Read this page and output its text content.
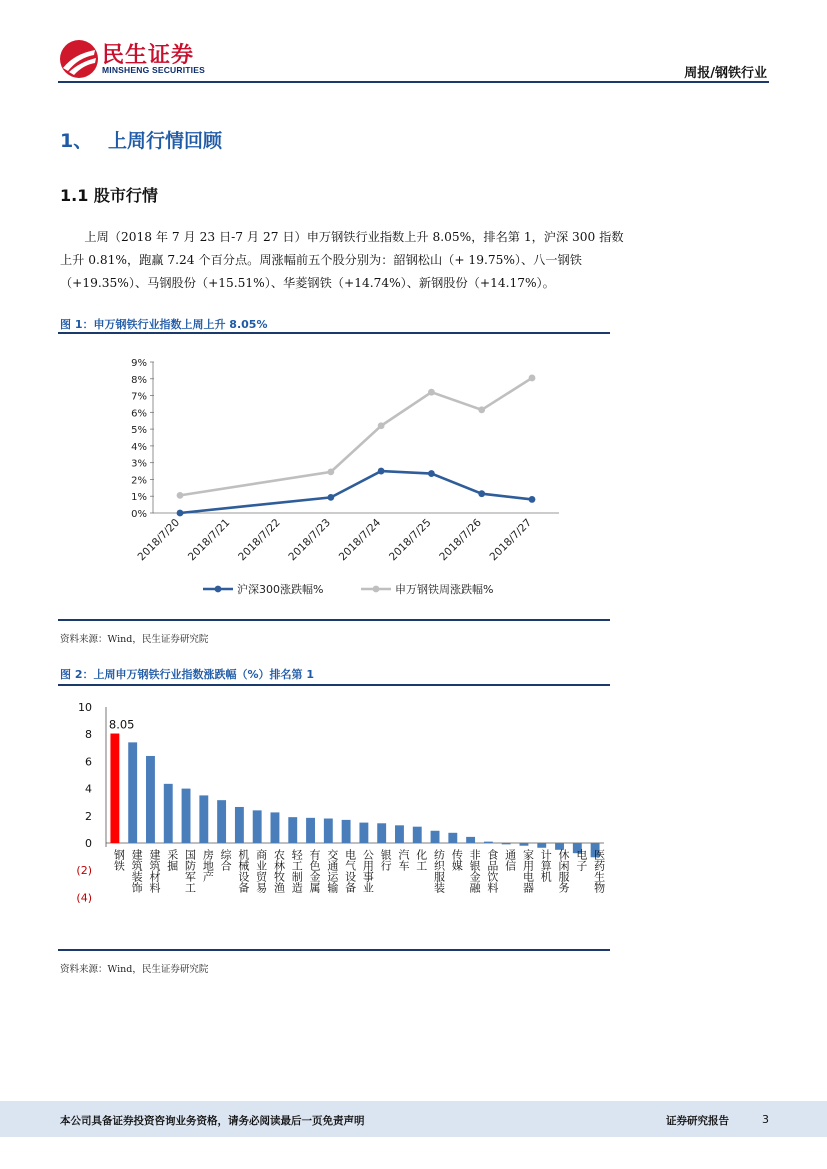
民生证券
MINSHENG SECURITIES	周报/钢铁行业
1、 上周行情回顾
1.1 股市行情

上周（2018 年 7 月 23 日-7 月 27 日）申万钢铁行业指数上升 8.05%，排名第 1，沪深 300 指数上升 0.81%，跑赢 7.24 个百分点。周涨幅前五个股分别为：韶钢松山（+ 19.75%）、八一钢铁（+19.35%）、马钢股份（+15.51%）、华菱钢铁（+14.74%）、新钢股份（+14.17%）。

图 1：申万钢铁行业指数上周上升 8.05%
0%
1%
2%
3%
4%
5%
6%
7%
8%
9%
2018/7/20 2018/7/21 2018/7/22 2018/7/23 2018/7/24 2018/7/25 2018/7/26 2018/7/27
沪深300涨跌幅%	申万钢铁周涨跌幅%
资料来源：Wind，民生证券研究院
图 2：上周申万钢铁行业指数涨跌幅（%）排名第 1
(4)
(2)
0
2
4
6
8
10
钢铁 建筑装饰 建筑材料 采掘 国防军工 房地产 综合 机械设备 商业贸易 农林牧渔 轻工制造 有色金属 交通运输 电气设备 公用事业 银行 汽车 化工 纺织服装 传媒 非银金融 食品饮料 通信 家用电器 计算机 休闲服务 电子 医药生物
8.05
资料来源：Wind，民生证券研究院
本公司具备证券投资咨询业务资格，请务必阅读最后一页免责声明	证券研究报告	3
